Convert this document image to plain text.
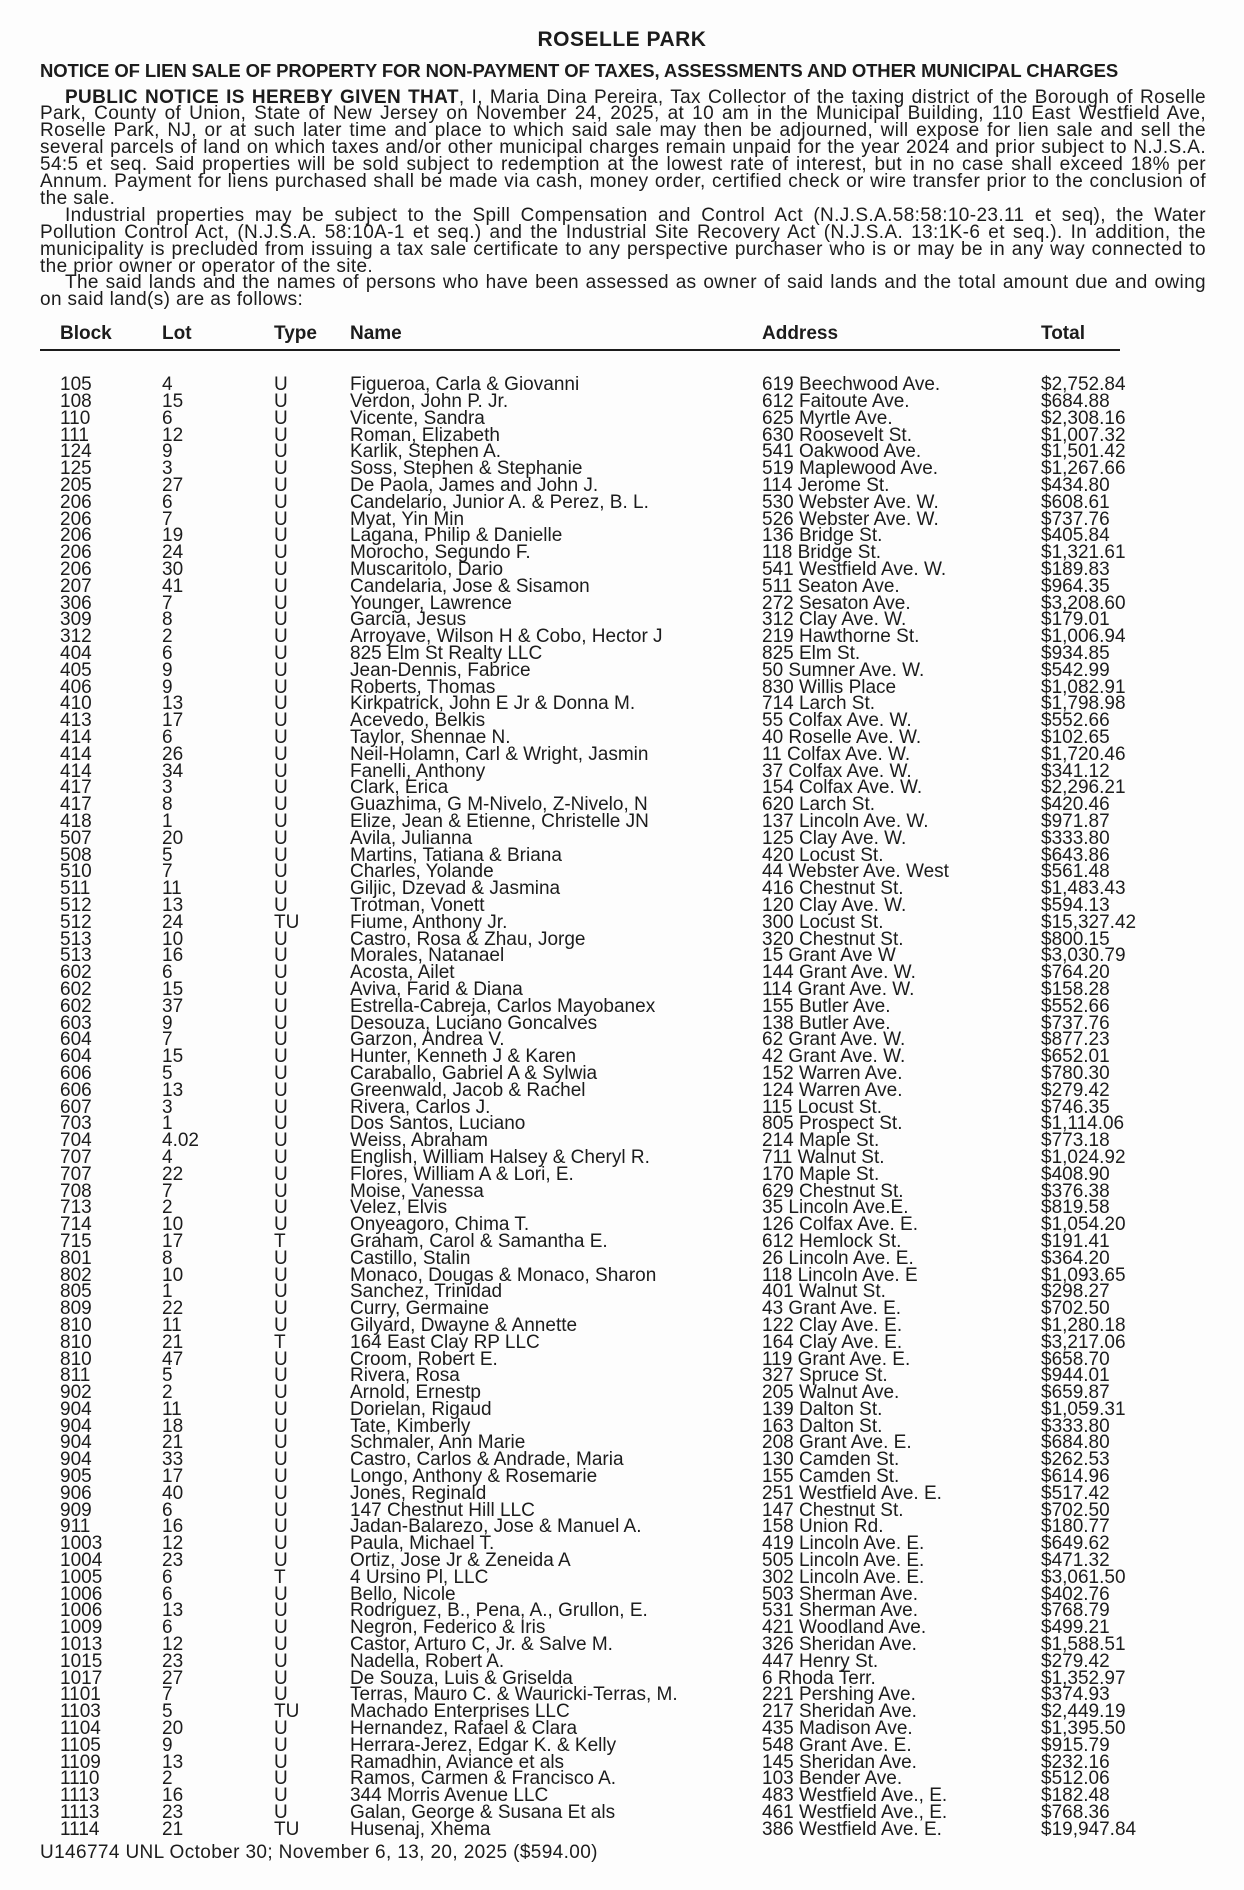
ROSELLE PARK
NOTICE OF LIEN SALE OF PROPERTY FOR NON-PAYMENT OF TAXES, ASSESSMENTS AND OTHER MUNICIPAL CHARGES

PUBLIC NOTICE IS HEREBY GIVEN THAT, I, Maria Dina Pereira, Tax Collector of the taxing district of the Borough of Roselle Park, County of Union, State of New Jersey on November 24, 2025, at 10 am in the Municipal Building, 110 East Westfield Ave, Roselle Park, NJ, or at such later time and place to which said sale may then be adjourned, will expose for lien sale and sell the several parcels of land on which taxes and/or other municipal charges remain unpaid for the year 2024 and prior subject to N.J.S.A. 54:5 et seq. Said properties will be sold subject to redemption at the lowest rate of interest, but in no case shall exceed 18% per Annum. Payment for liens purchased shall be made via cash, money order, certified check or wire transfer prior to the conclusion of the sale.

Industrial properties may be subject to the Spill Compensation and Control Act (N.J.S.A.58:58:10-23.11 et seq), the Water Pollution Control Act, (N.J.S.A. 58:10A-1 et seq.) and the Industrial Site Recovery Act (N.J.S.A. 13:1K-6 et seq.). In addition, the municipality is precluded from issuing a tax sale certificate to any perspective purchaser who is or may be in any way connected to the prior owner or operator of the site.

The said lands and the names of persons who have been assessed as owner of said lands and the total amount due and owing on said land(s) are as follows:

Block	Lot	Type	Name	Address	Total
105	4	U	Figueroa, Carla & Giovanni	619 Beechwood Ave.	$2,752.84
108	15	U	Verdon, John P. Jr.	612 Faitoute Ave.	$684.88
110	6	U	Vicente, Sandra	625 Myrtle Ave.	$2,308.16
111	12	U	Roman, Elizabeth	630 Roosevelt St.	$1,007.32
124	9	U	Karlik, Stephen A.	541 Oakwood Ave.	$1,501.42
125	3	U	Soss, Stephen & Stephanie	519 Maplewood Ave.	$1,267.66
205	27	U	De Paola, James and John J.	114 Jerome St.	$434.80
206	6	U	Candelario, Junior A. & Perez, B. L.	530 Webster Ave. W.	$608.61
206	7	U	Myat, Yin Min	526 Webster Ave. W.	$737.76
206	19	U	Lagana, Philip & Danielle	136 Bridge St.	$405.84
206	24	U	Morocho, Segundo F.	118 Bridge St.	$1,321.61
206	30	U	Muscaritolo, Dario	541 Westfield Ave. W.	$189.83
207	41	U	Candelaria, Jose & Sisamon	511 Seaton Ave.	$964.35
306	7	U	Younger, Lawrence	272 Sesaton Ave.	$3,208.60
309	8	U	Garcia, Jesus	312 Clay Ave. W.	$179.01
312	2	U	Arroyave, Wilson H & Cobo, Hector J	219 Hawthorne St.	$1,006.94
404	6	U	825 Elm St Realty LLC	825 Elm St.	$934.85
405	9	U	Jean-Dennis, Fabrice	50 Sumner Ave. W.	$542.99
406	9	U	Roberts, Thomas	830 Willis Place	$1,082.91
410	13	U	Kirkpatrick, John E Jr & Donna M.	714 Larch St.	$1,798.98
413	17	U	Acevedo, Belkis	55 Colfax Ave. W.	$552.66
414	6	U	Taylor, Shennae N.	40 Roselle Ave. W.	$102.65
414	26	U	Neil-Holamn, Carl & Wright, Jasmin	11 Colfax Ave. W.	$1,720.46
414	34	U	Fanelli, Anthony	37 Colfax Ave. W.	$341.12
417	3	U	Clark, Erica	154 Colfax Ave. W.	$2,296.21
417	8	U	Guazhima, G M-Nivelo, Z-Nivelo, N	620 Larch St.	$420.46
418	1	U	Elize, Jean & Etienne, Christelle JN	137 Lincoln Ave. W.	$971.87
507	20	U	Avila, Julianna	125 Clay Ave. W.	$333.80
508	5	U	Martins, Tatiana & Briana	420 Locust St.	$643.86
510	7	U	Charles, Yolande	44 Webster Ave. West	$561.48
511	11	U	Giljic, Dzevad & Jasmina	416 Chestnut St.	$1,483.43
512	13	U	Trotman, Vonett	120 Clay Ave. W.	$594.13
512	24	TU	Fiume, Anthony Jr.	300 Locust St.	$15,327.42
513	10	U	Castro, Rosa & Zhau, Jorge	320 Chestnut St.	$800.15
513	16	U	Morales, Natanael	15 Grant Ave W	$3,030.79
602	6	U	Acosta, Ailet	144 Grant Ave. W.	$764.20
602	15	U	Aviva, Farid & Diana	114 Grant Ave. W.	$158.28
602	37	U	Estrella-Cabreja, Carlos Mayobanex	155 Butler Ave.	$552.66
603	9	U	Desouza, Luciano Goncalves	138 Butler Ave.	$737.76
604	7	U	Garzon, Andrea V.	62 Grant Ave. W.	$877.23
604	15	U	Hunter, Kenneth J & Karen	42 Grant Ave. W.	$652.01
606	5	U	Caraballo, Gabriel A & Sylwia	152 Warren Ave.	$780.30
606	13	U	Greenwald, Jacob & Rachel	124 Warren Ave.	$279.42
607	3	U	Rivera, Carlos J.	115 Locust St.	$746.35
703	1	U	Dos Santos, Luciano	805 Prospect St.	$1,114.06
704	4.02	U	Weiss, Abraham	214 Maple St.	$773.18
707	4	U	English, William Halsey & Cheryl R.	711 Walnut St.	$1,024.92
707	22	U	Flores, William A & Lori, E.	170 Maple St.	$408.90
708	7	U	Moise, Vanessa	629 Chestnut St.	$376.38
713	2	U	Velez, Elvis	35 Lincoln Ave.E.	$819.58
714	10	U	Onyeagoro, Chima T.	126 Colfax Ave. E.	$1,054.20
715	17	T	Graham, Carol & Samantha E.	612 Hemlock St.	$191.41
801	8	U	Castillo, Stalin	26 Lincoln Ave. E.	$364.20
802	10	U	Monaco, Dougas & Monaco, Sharon	118 Lincoln Ave. E	$1,093.65
805	1	U	Sanchez, Trinidad	401 Walnut St.	$298.27
809	22	U	Curry, Germaine	43 Grant Ave. E.	$702.50
810	11	U	Gilyard, Dwayne & Annette	122 Clay Ave. E.	$1,280.18
810	21	T	164 East Clay RP LLC	164 Clay Ave. E.	$3,217.06
810	47	U	Croom, Robert E.	119 Grant Ave. E.	$658.70
811	5	U	Rivera, Rosa	327 Spruce St.	$944.01
902	2	U	Arnold, Ernestp	205 Walnut Ave.	$659.87
904	11	U	Dorielan, Rigaud	139 Dalton St.	$1,059.31
904	18	U	Tate, Kimberly	163 Dalton St.	$333.80
904	21	U	Schmaler, Ann Marie	208 Grant Ave. E.	$684.80
904	33	U	Castro, Carlos & Andrade, Maria	130 Camden St.	$262.53
905	17	U	Longo, Anthony & Rosemarie	155 Camden St.	$614.96
906	40	U	Jones, Reginald	251 Westfield Ave. E.	$517.42
909	6	U	147 Chestnut Hill LLC	147 Chestnut St.	$702.50
911	16	U	Jadan-Balarezo, Jose & Manuel A.	158 Union Rd.	$180.77
1003	12	U	Paula, Michael T.	419 Lincoln Ave. E.	$649.62
1004	23	U	Ortiz, Jose Jr & Zeneida A	505 Lincoln Ave. E.	$471.32
1005	6	T	4 Ursino Pl, LLC	302 Lincoln Ave. E.	$3,061.50
1006	6	U	Bello, Nicole	503 Sherman Ave.	$402.76
1006	13	U	Rodriguez, B., Pena, A., Grullon, E.	531 Sherman Ave.	$768.79
1009	6	U	Negron, Federico & Iris	421 Woodland Ave.	$499.21
1013	12	U	Castor, Arturo C, Jr. & Salve M.	326 Sheridan Ave.	$1,588.51
1015	23	U	Nadella, Robert A.	447 Henry St.	$279.42
1017	27	U	De Souza, Luis & Griselda	6 Rhoda Terr.	$1,352.97
1101	7	U	Terras, Mauro C. & Wauricki-Terras, M.	221 Pershing Ave.	$374.93
1103	5	TU	Machado Enterprises LLC	217 Sheridan Ave.	$2,449.19
1104	20	U	Hernandez, Rafael & Clara	435 Madison Ave.	$1,395.50
1105	9	U	Herrara-Jerez, Edgar K. & Kelly	548 Grant Ave. E.	$915.79
1109	13	U	Ramadhin, Aviance et als	145 Sheridan Ave.	$232.16
1110	2	U	Ramos, Carmen & Francisco A.	103 Bender Ave.	$512.06
1113	16	U	344 Morris Avenue LLC	483 Westfield Ave., E.	$182.48
1113	23	U	Galan, George & Susana Et als	461 Westfield Ave., E.	$768.36
1114	21	TU	Husenaj, Xhema	386 Westfield Ave. E.	$19,947.84
U146774 UNL October 30; November 6, 13, 20, 2025 ($594.00)
